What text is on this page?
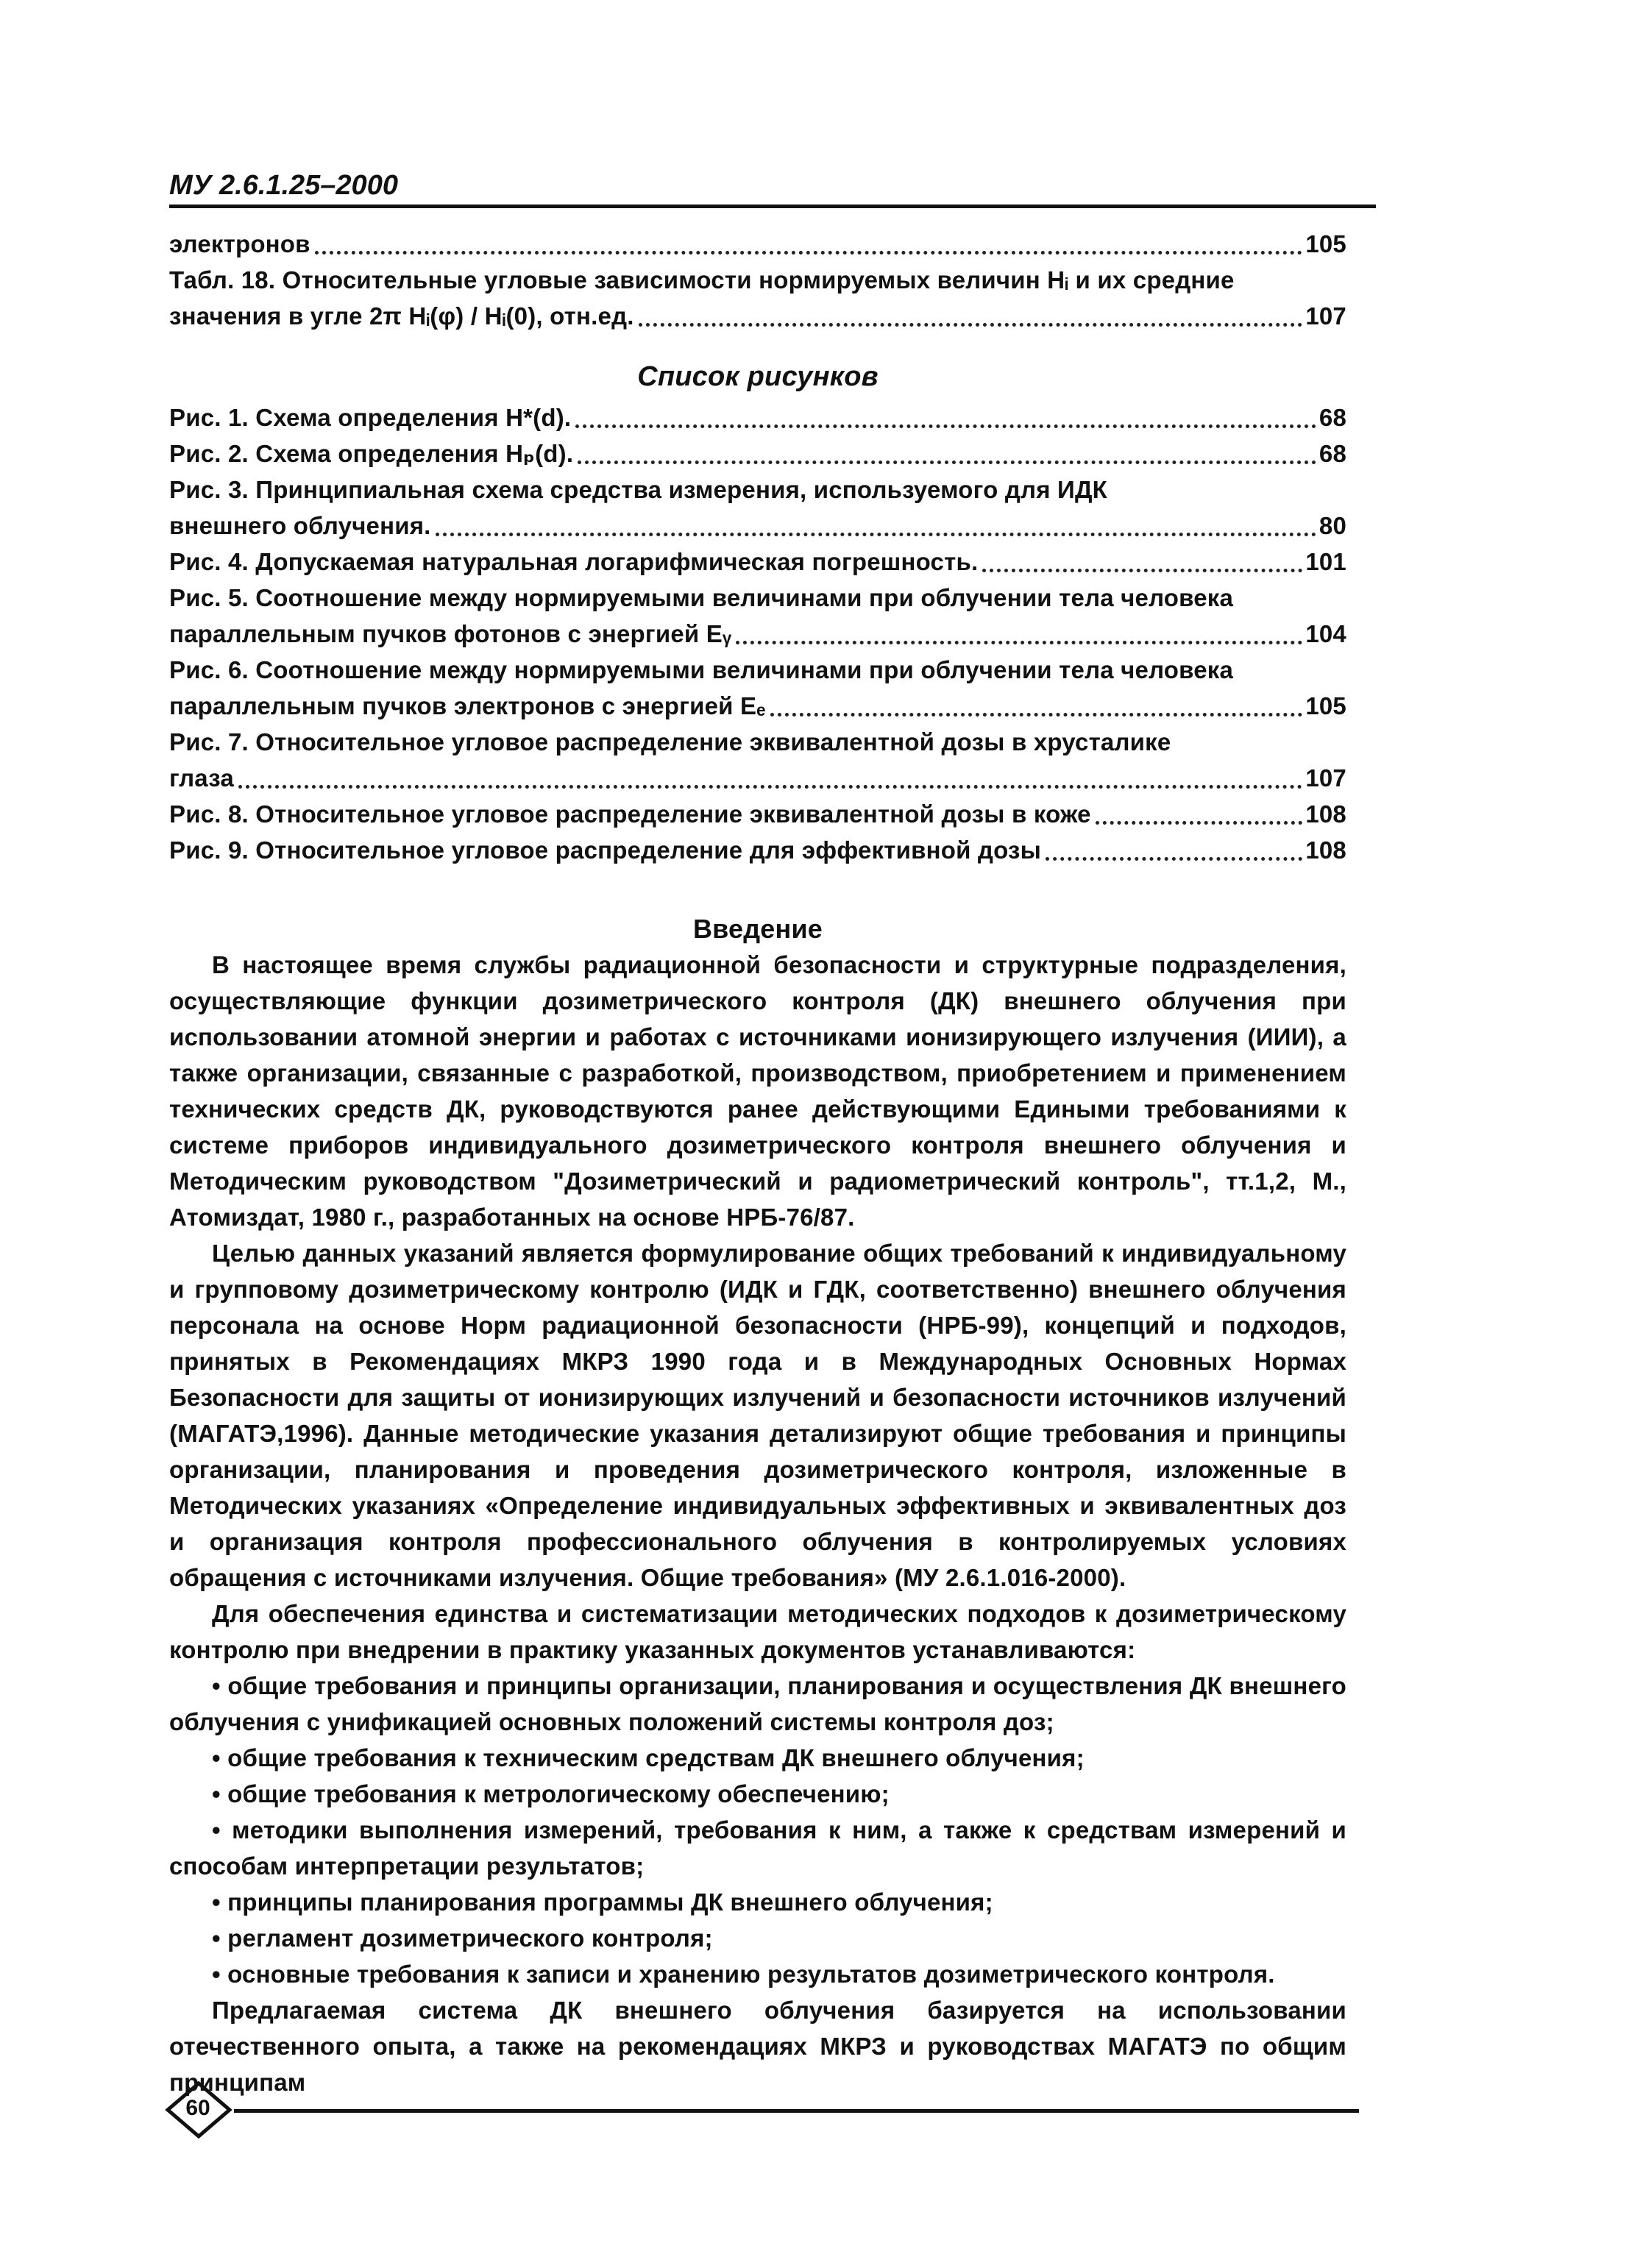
МУ 2.6.1.25–2000
электронов	105
Табл. 18. Относительные угловые зависимости нормируемых величин Hᵢ и их средние
значения в угле 2π Hᵢ(φ) / Hᵢ(0), отн.ед.	107
Список рисунков
Рис. 1. Схема определения H*(d).	68
Рис. 2. Схема определения Hₚ(d).	68
Рис. 3. Принципиальная схема средства измерения, используемого для ИДК
внешнего облучения.	80
Рис. 4. Допускаемая натуральная логарифмическая погрешность.	101
Рис. 5. Соотношение между нормируемыми величинами при облучении тела человека
параллельным пучков фотонов с энергией Eᵧ	104
Рис. 6. Соотношение между нормируемыми величинами при облучении тела человека
параллельным пучков электронов с энергией Eₑ	105
Рис. 7. Относительное угловое распределение эквивалентной дозы в хрусталике
глаза	107
Рис. 8. Относительное угловое распределение эквивалентной дозы в коже	108
Рис. 9. Относительное угловое распределение для эффективной дозы	108
Введение

В настоящее время службы радиационной безопасности и структурные подразделения, осуществляющие функции дозиметрического контроля (ДК) внешнего облучения при использовании атомной энергии и работах с источниками ионизирующего излучения (ИИИ), а также организации, связанные с разработкой, производством, приобретением и применением технических средств ДК, руководствуются ранее действующими Едиными требованиями к системе приборов индивидуального дозиметрического контроля внешнего облучения и Методическим руководством "Дозиметрический и радиометрический контроль", тт.1,2, М., Атомиздат, 1980 г., разработанных на основе НРБ-76/87.

Целью данных указаний является формулирование общих требований к индивидуальному и групповому дозиметрическому контролю (ИДК и ГДК, соответственно) внешнего облучения персонала на основе Норм радиационной безопасности (НРБ-99), концепций и подходов, принятых в Рекомендациях МКРЗ 1990 года и в Международных Основных Нормах Безопасности для защиты от ионизирующих излучений и безопасности источников излучений (МАГАТЭ,1996). Данные методические указания детализируют общие требования и принципы организации, планирования и проведения дозиметрического контроля, изложенные в Методических указаниях «Определение индивидуальных эффективных и эквивалентных доз и организация контроля профессионального облучения в контролируемых условиях обращения с источниками излучения. Общие требования» (МУ 2.6.1.016-2000).

Для обеспечения единства и систематизации методических подходов к дозиметрическому контролю при внедрении в практику указанных документов устанавливаются:

• общие требования и принципы организации, планирования и осуществления ДК внешнего облучения с унификацией основных положений системы контроля доз;

• общие требования к техническим средствам ДК внешнего облучения;

• общие требования к метрологическому обеспечению;

• методики выполнения измерений, требования к ним, а также к средствам измерений и способам интерпретации результатов;

• принципы планирования программы ДК внешнего облучения;

• регламент дозиметрического контроля;

• основные требования к записи и хранению результатов дозиметрического контроля.

Предлагаемая система ДК внешнего облучения базируется на использовании отечественного опыта, а также на рекомендациях МКРЗ и руководствах МАГАТЭ по общим принципам

60
